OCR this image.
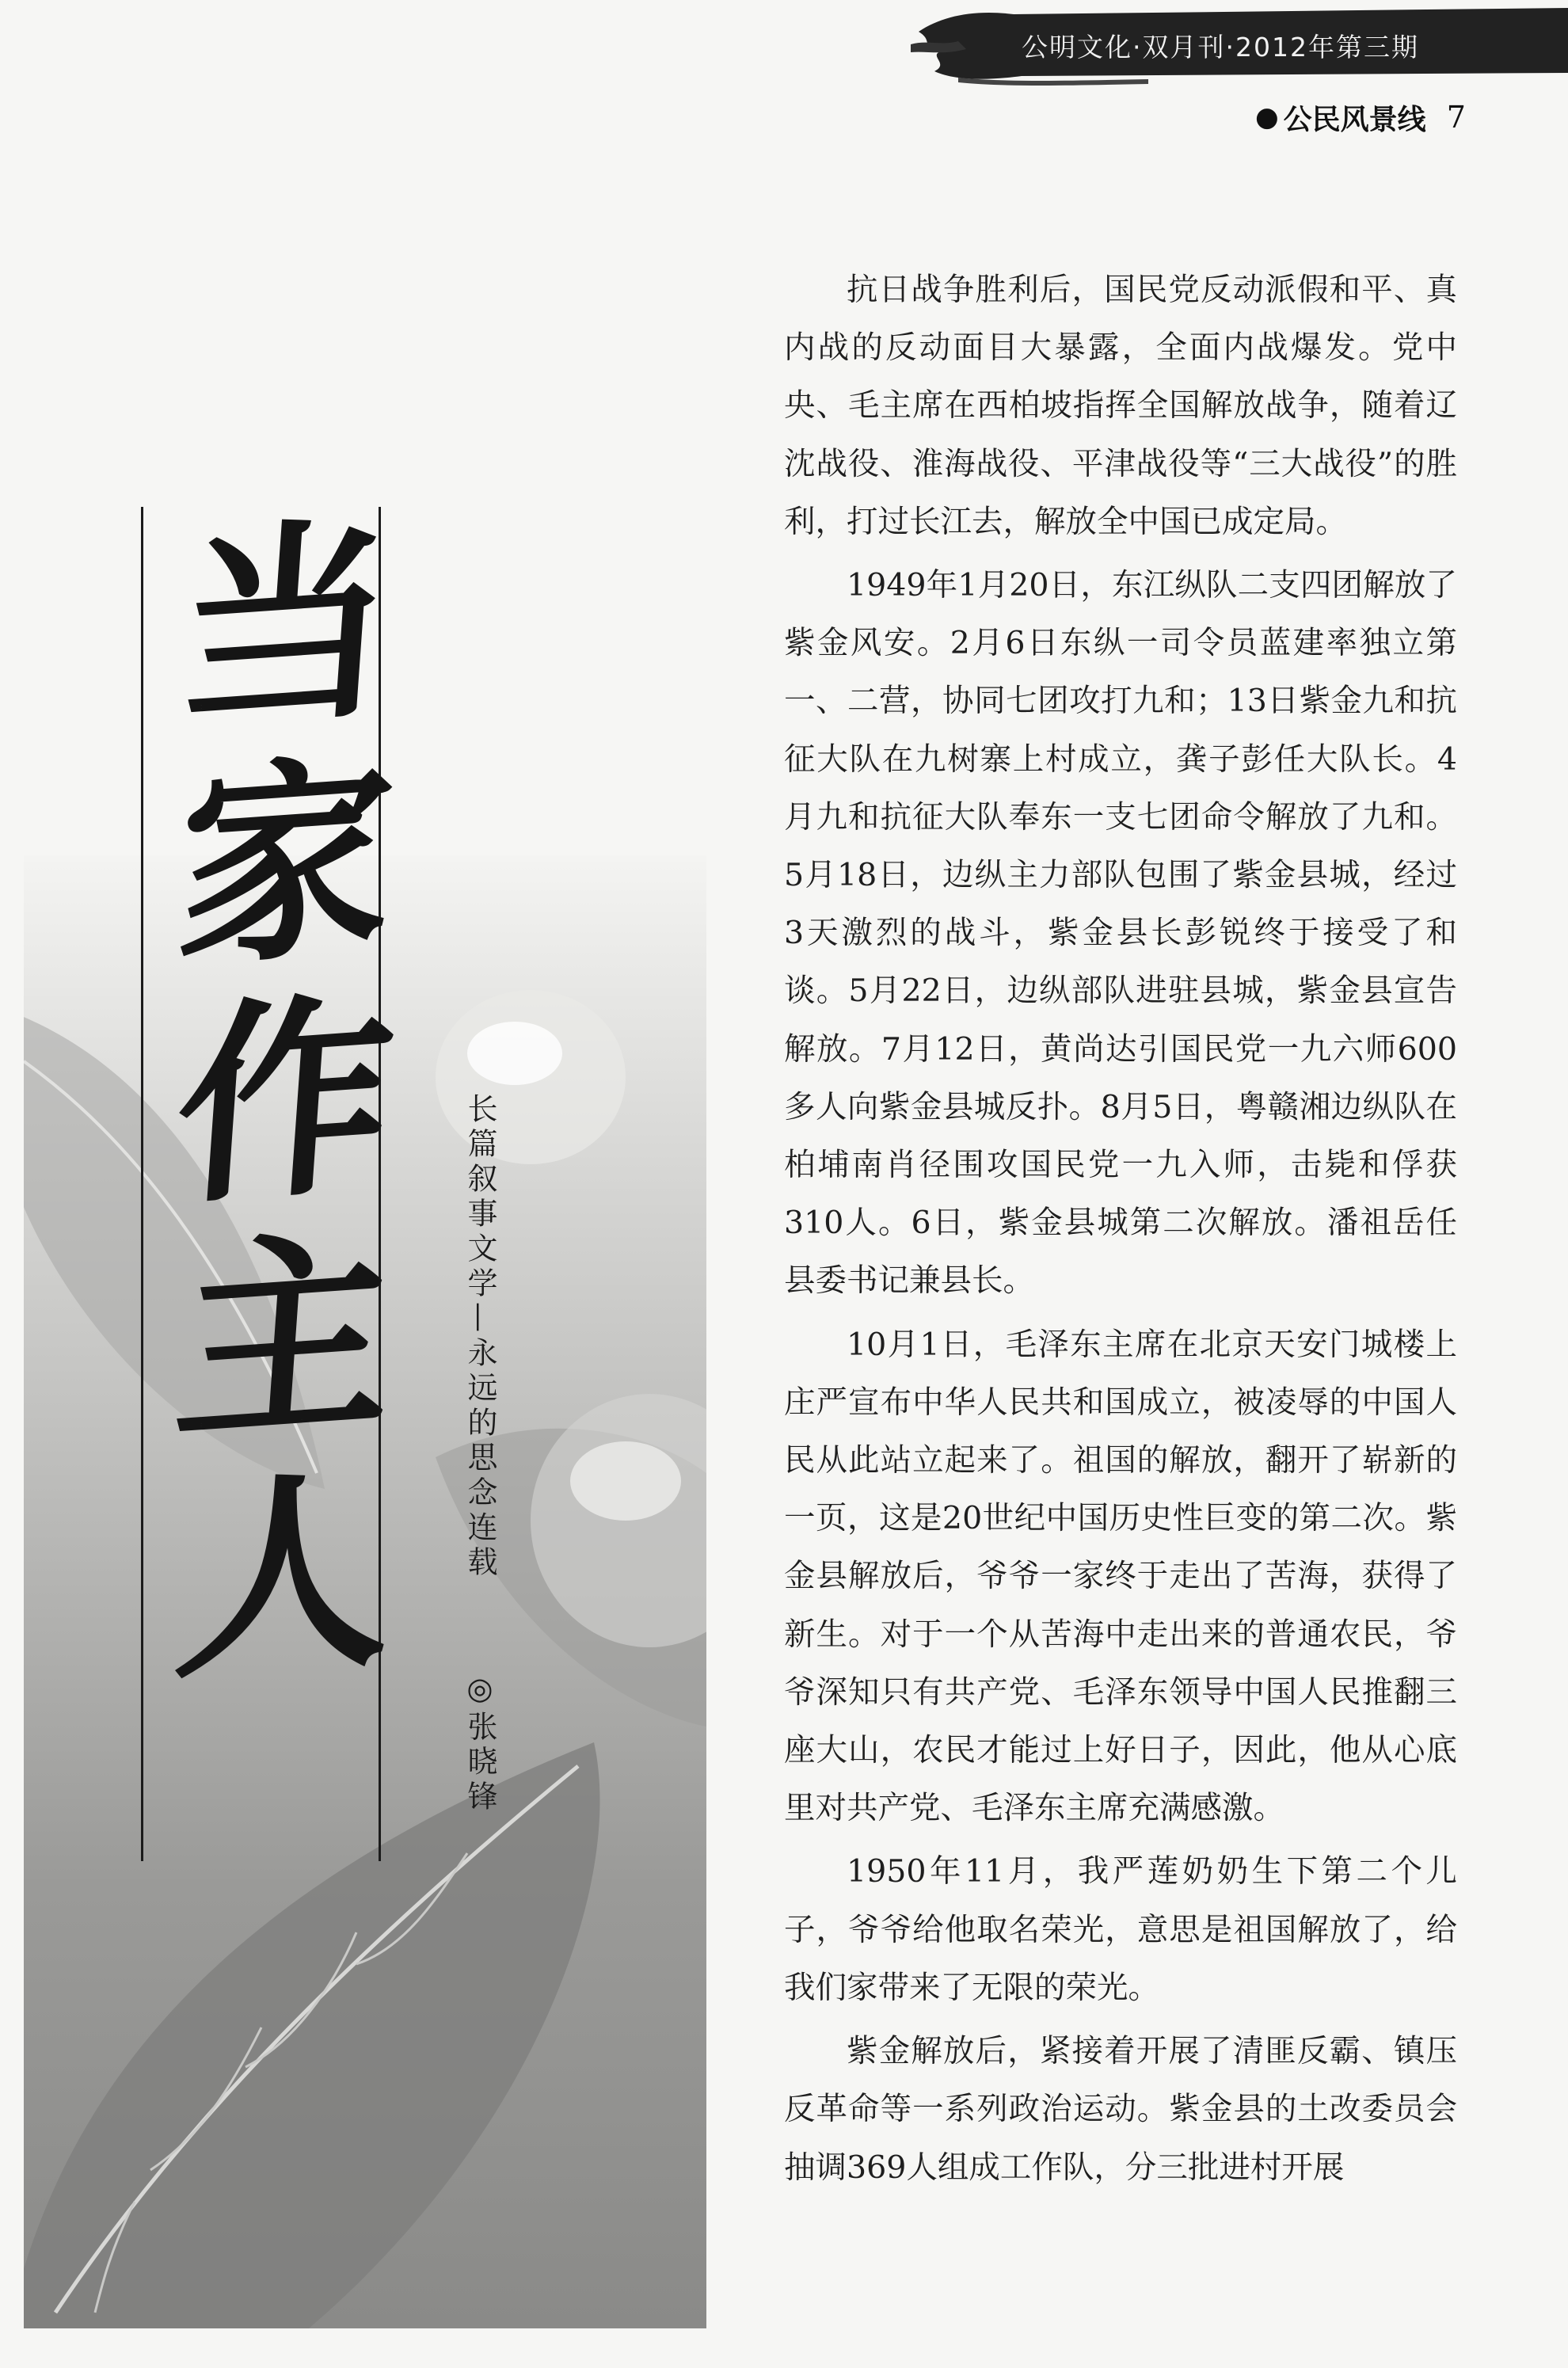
公明文化·双月刊·2012年第三期
● 公民风景线 7
当
家
作
主
人 长篇叙事文学—永远的思念连载
◎张晓锋

抗日战争胜利后，国民党反动派假和平、真内战的反动面目大暴露，全面内战爆发。党中央、毛主席在西柏坡指挥全国解放战争，随着辽沈战役、淮海战役、平津战役等“三大战役”的胜利，打过长江去，解放全中国已成定局。

1949年1月20日，东江纵队二支四团解放了紫金风安。2月6日东纵一司令员蓝建率独立第一、二营，协同七团攻打九和；13日紫金九和抗征大队在九树寨上村成立，龚子彭任大队长。4月九和抗征大队奉东一支七团命令解放了九和。5月18日，边纵主力部队包围了紫金县城，经过3天激烈的战斗，紫金县长彭锐终于接受了和谈。5月22日，边纵部队进驻县城，紫金县宣告解放。7月12日，黄尚达引国民党一九六师600多人向紫金县城反扑。8月5日，粤赣湘边纵队在柏埔南肖径围攻国民党一九入师，击毙和俘获310人。6日，紫金县城第二次解放。潘祖岳任县委书记兼县长。

10月1日，毛泽东主席在北京天安门城楼上庄严宣布中华人民共和国成立，被凌辱的中国人民从此站立起来了。祖国的解放，翻开了崭新的一页，这是20世纪中国历史性巨变的第二次。紫金县解放后，爷爷一家终于走出了苦海，获得了新生。对于一个从苦海中走出来的普通农民，爷爷深知只有共产党、毛泽东领导中国人民推翻三座大山，农民才能过上好日子，因此，他从心底里对共产党、毛泽东主席充满感激。

1950年11月，我严莲奶奶生下第二个儿子，爷爷给他取名荣光，意思是祖国解放了，给我们家带来了无限的荣光。

紫金解放后，紧接着开展了清匪反霸、镇压反革命等一系列政治运动。紫金县的土改委员会抽调369人组成工作队，分三批进村开展
